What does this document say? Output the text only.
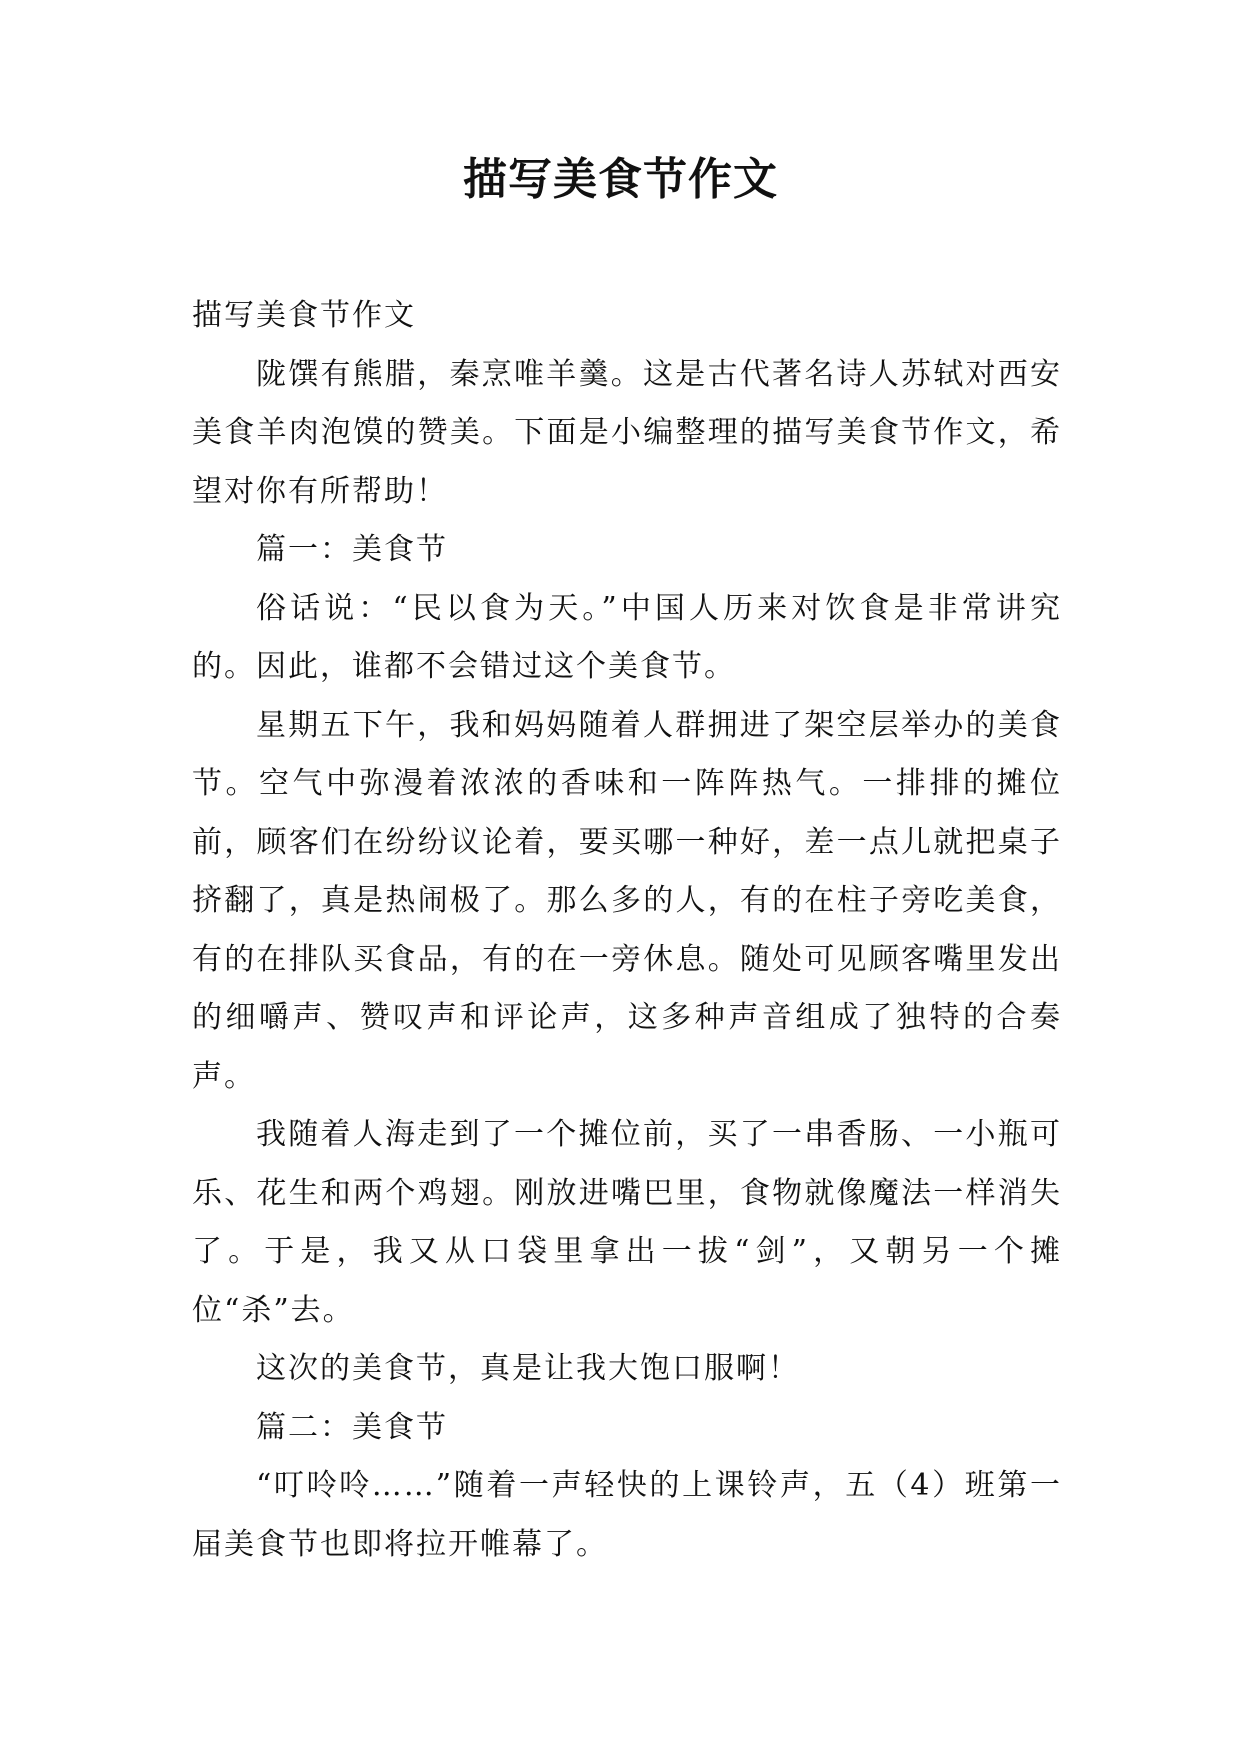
描写美食节作文

描写美食节作文

陇馔有熊腊，秦烹唯羊羹。这是古代著名诗人苏轼对西安美食羊肉泡馍的赞美。下面是小编整理的描写美食节作文，希望对你有所帮助！

篇一：美食节

俗话说：“民以食为天。”中国人历来对饮食是非常讲究的。因此，谁都不会错过这个美食节。

星期五下午，我和妈妈随着人群拥进了架空层举办的美食节。空气中弥漫着浓浓的香味和一阵阵热气。一排排的摊位前，顾客们在纷纷议论着，要买哪一种好，差一点儿就把桌子挤翻了，真是热闹极了。那么多的人，有的在柱子旁吃美食，有的在排队买食品，有的在一旁休息。随处可见顾客嘴里发出的细嚼声、赞叹声和评论声，这多种声音组成了独特的合奏声。

我随着人海走到了一个摊位前，买了一串香肠、一小瓶可乐、花生和两个鸡翅。刚放进嘴巴里，食物就像魔法一样消失了。于是，我又从口袋里拿出一拔“剑”，又朝另一个摊位“杀”去。

这次的美食节，真是让我大饱口服啊！

篇二：美食节

“叮呤呤……”随着一声轻快的上课铃声，五（4）班第一届美食节也即将拉开帷幕了。
